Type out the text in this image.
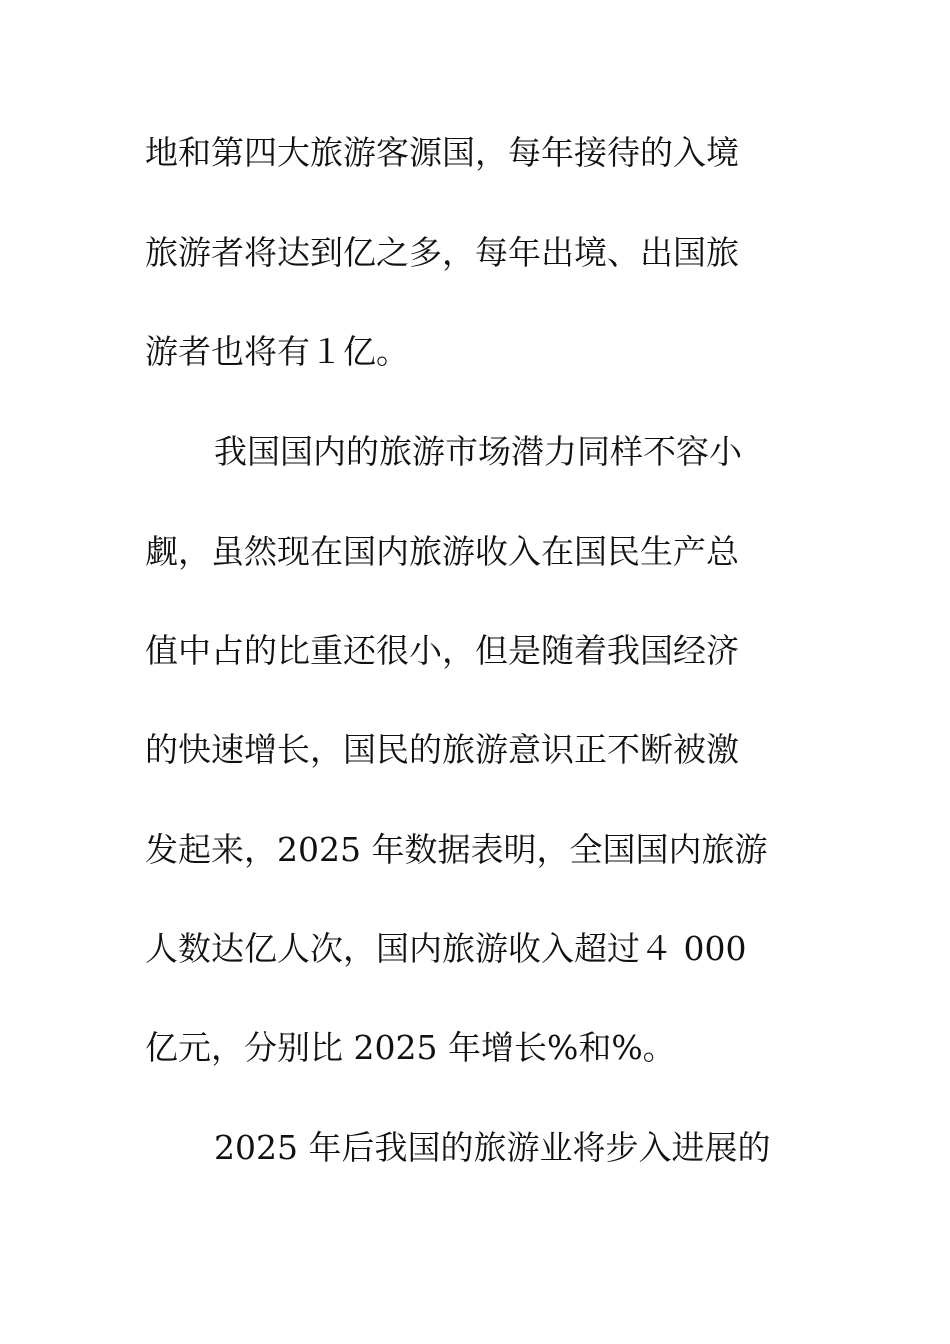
地和第四大旅游客源国，每年接待的入境
旅游者将达到亿之多，每年出境、出国旅
游者也将有１亿。
我国国内的旅游市场潜力同样不容小
觑，虽然现在国内旅游收入在国民生产总
值中占的比重还很小，但是随着我国经济
的快速增长，国民的旅游意识正不断被激
发起来，2025 年数据表明，全国国内旅游
人数达亿人次，国内旅游收入超过４ 000
亿元，分别比 2025 年增长%和%。
2025 年后我国的旅游业将步入进展的
